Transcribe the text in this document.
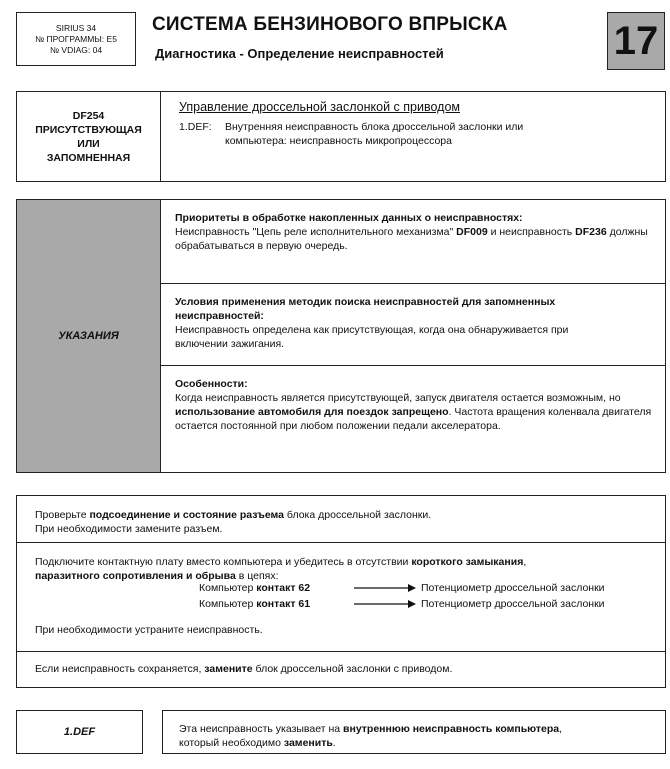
SIRIUS 34
№ ПРОГРАММЫ: E5
№ VDIAG: 04
СИСТЕМА БЕНЗИНОВОГО ВПРЫСКА
Диагностика - Определение неисправностей	17
DF254
ПРИСУТСТВУЮЩАЯ
ИЛИ
ЗАПОМНЕННАЯ
Управление дроссельной заслонкой с приводом
1.DEF:	Внутренняя неисправность блока дроссельной заслонки или
компьютера: неисправность микропроцессора
УКАЗАНИЯ
Приоритеты в обработке накопленных данных о неисправностях:
Неисправность "Цепь реле исполнительного механизма" DF009 и неисправность DF236 должны обрабатываться в первую очередь.
Условия применения методик поиска неисправностей для запомненных
неисправностей:
Неисправность определена как присутствующая, когда она обнаруживается при
включении зажигания.
Особенности:
Когда неисправность является присутствующей, запуск двигателя остается возможным, но использование автомобиля для поездок запрещено. Частота вращения коленвала двигателя остается постоянной при любом положении педали акселератора.
Проверьте подсоединение и состояние разъема блока дроссельной заслонки.
При необходимости замените разъем.
Подключите контактную плату вместо компьютера и убедитесь в отсутствии короткого замыкания,
паразитного сопротивления и обрыва в цепях:
Компьютер контакт 62	Потенциометр дроссельной заслонки
Компьютер контакт 61	Потенциометр дроссельной заслонки
При необходимости устраните неисправность.
Если неисправность сохраняется, замените блок дроссельной заслонки с приводом.
1.DEF	Эта неисправность указывает на внутреннюю неисправность компьютера,
который необходимо заменить.
